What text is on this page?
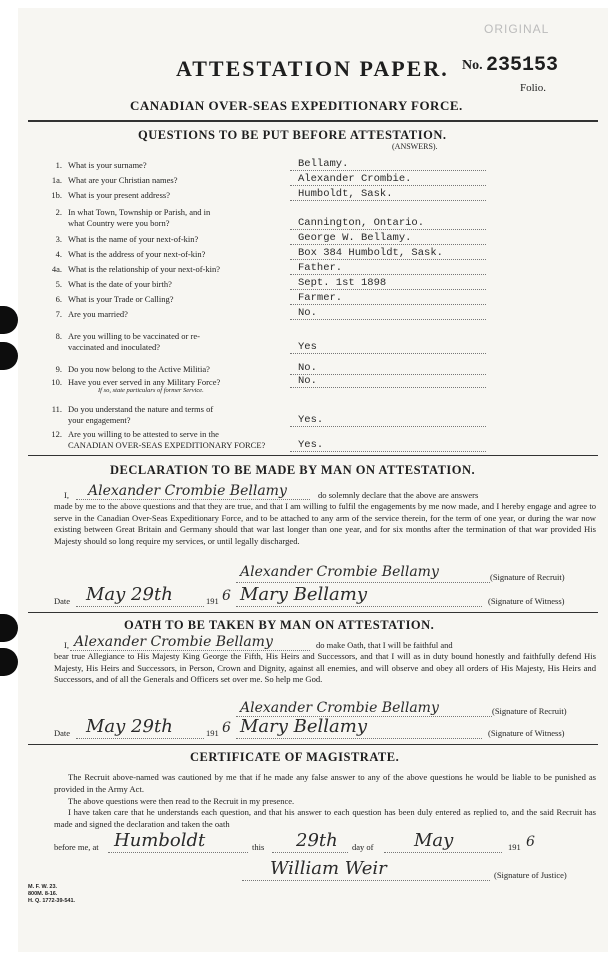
ORIGINAL
ATTESTATION PAPER. No. 235153
Folio.
CANADIAN OVER-SEAS EXPEDITIONARY FORCE.
QUESTIONS TO BE PUT BEFORE ATTESTATION.
(ANSWERS).
1. What is your surname?	Bellamy.
1a. What are your Christian names?	Alexander Crombie.
1b. What is your present address?	Humboldt, Sask.
2. In what Town, Township or Parish, and in
what Country were you born?	Cannington, Ontario.
3. What is the name of your next-of-kin?	George W. Bellamy.
4. What is the address of your next-of-kin?	Box 384 Humboldt, Sask.
4a. What is the relationship of your next-of-kin?	Father.
5. What is the date of your birth?	Sept. 1st 1898
6. What is your Trade or Calling?	Farmer.
7. Are you married?	No.
8. Are you willing to be vaccinated or re-
vaccinated and inoculated?	Yes
9. Do you now belong to the Active Militia?	No.
10. Have you ever served in any Military Force?
If so, state particulars of former Service.
No.
11. Do you understand the nature and terms of
your engagement?	Yes.
12. Are you willing to be attested to serve in the
CANADIAN OVER-SEAS EXPEDITIONARY FORCE?	Yes.
DECLARATION TO BE MADE BY MAN ON ATTESTATION.
I, Alexander Crombie Bellamy	do solemnly declare that the above are answers
made by me to the above questions and that they are true, and that I am willing to fulfil the engagements by me now made, and I hereby engage and agree to serve in the Canadian Over-Seas Expeditionary Force, and to be attached to any arm of the service therein, for the term of one year, or during the war now existing between Great Britain and Germany should that war last longer than one year, and for six months after the termination of that war provided His Majesty should so long require my services, or until legally discharged.
Alexander Crombie Bellamy	(Signature of Recruit)
Date May 29th	191 6 Mary Bellamy	(Signature of Witness)
OATH TO BE TAKEN BY MAN ON ATTESTATION.
I, Alexander Crombie Bellamy	do make Oath, that I will be faithful and
bear true Allegiance to His Majesty King George the Fifth, His Heirs and Successors, and that I will as in duty bound honestly and faithfully defend His Majesty, His Heirs and Successors, in Person, Crown and Dignity, against all enemies, and will observe and obey all orders of His Majesty, His Heirs and Successors, and of all the Generals and Officers set over me. So help me God.
Alexander Crombie Bellamy	(Signature of Recruit)
Date May 29th	191 6 Mary Bellamy	(Signature of Witness)
CERTIFICATE OF MAGISTRATE.
The Recruit above-named was cautioned by me that if he made any false answer to any of the above questions he would be liable to be punished as provided in the Army Act.
The above questions were then read to the Recruit in my presence.
I have taken care that he understands each question, and that his answer to each question has been duly entered as replied to, and the said Recruit has made and signed the declaration and taken the oath
before me, at Humboldt	this 29th day of May	191 6
William Weir	(Signature of Justice)
M. F. W. 23.
800M. 8-16.
H. Q. 1772-39-541.
